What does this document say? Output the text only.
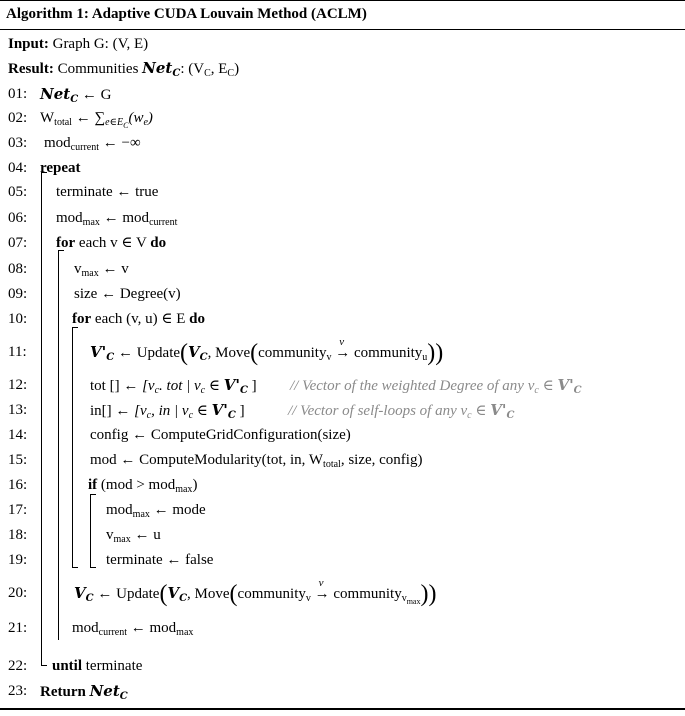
Algorithm 1: Adaptive CUDA Louvain Method (ACLM)
Input: Graph G: (V, E)
Result: Communities Net$_C$: ($V_C$, $E_C$)
01:
02:
03:
04:
05:
06:
07:
08:
09:
10:
11:
12:
13:
14:
15:
16:
17:
18:
19:
20:
21:
22:
23:
Net$_C$ ← G
$W_{total}$ ← $\sum_{e\in E_C}(w_e)$
mod$_{current}$ ← −∞
repeat
terminate ← true
mod$_{max}$ ← mod$_{current}$
for each v ∈ V do
$v_{max}$ ← v
size ← Degree(v)
for each (v, u) ∈ E do
$V'_C$ ← $Update(V_C$, Move(community$_v$ →
v
community$_u$))
tot [] ← [$v_c$. tot | $v_c$ ∈ $V'_C$ ] // Vector of the weighted Degree of any $v_c$ ∈ $V'_C$
in[] ← [$v_c$, in | $v_c$ ∈ $V'_C$ ]	// Vector of self-loops of any $v_c$ ∈ $V'_C$
config ← ComputeGridConfiguration(size)
mod ← ComputeModularity(tot, in, $W_{total}$, size, config)
if (mod > mod$_{max}$)
mod$_{max}$ ← mode
$v_{max}$ ← u
terminate ← false
$V_C$ ← $Update(V_C$, Move(community$_v$ →
v
community$_{v_{max}}$))
mod$_{current}$ ← mod$_{max}$
until terminate
Return Net$_C$
